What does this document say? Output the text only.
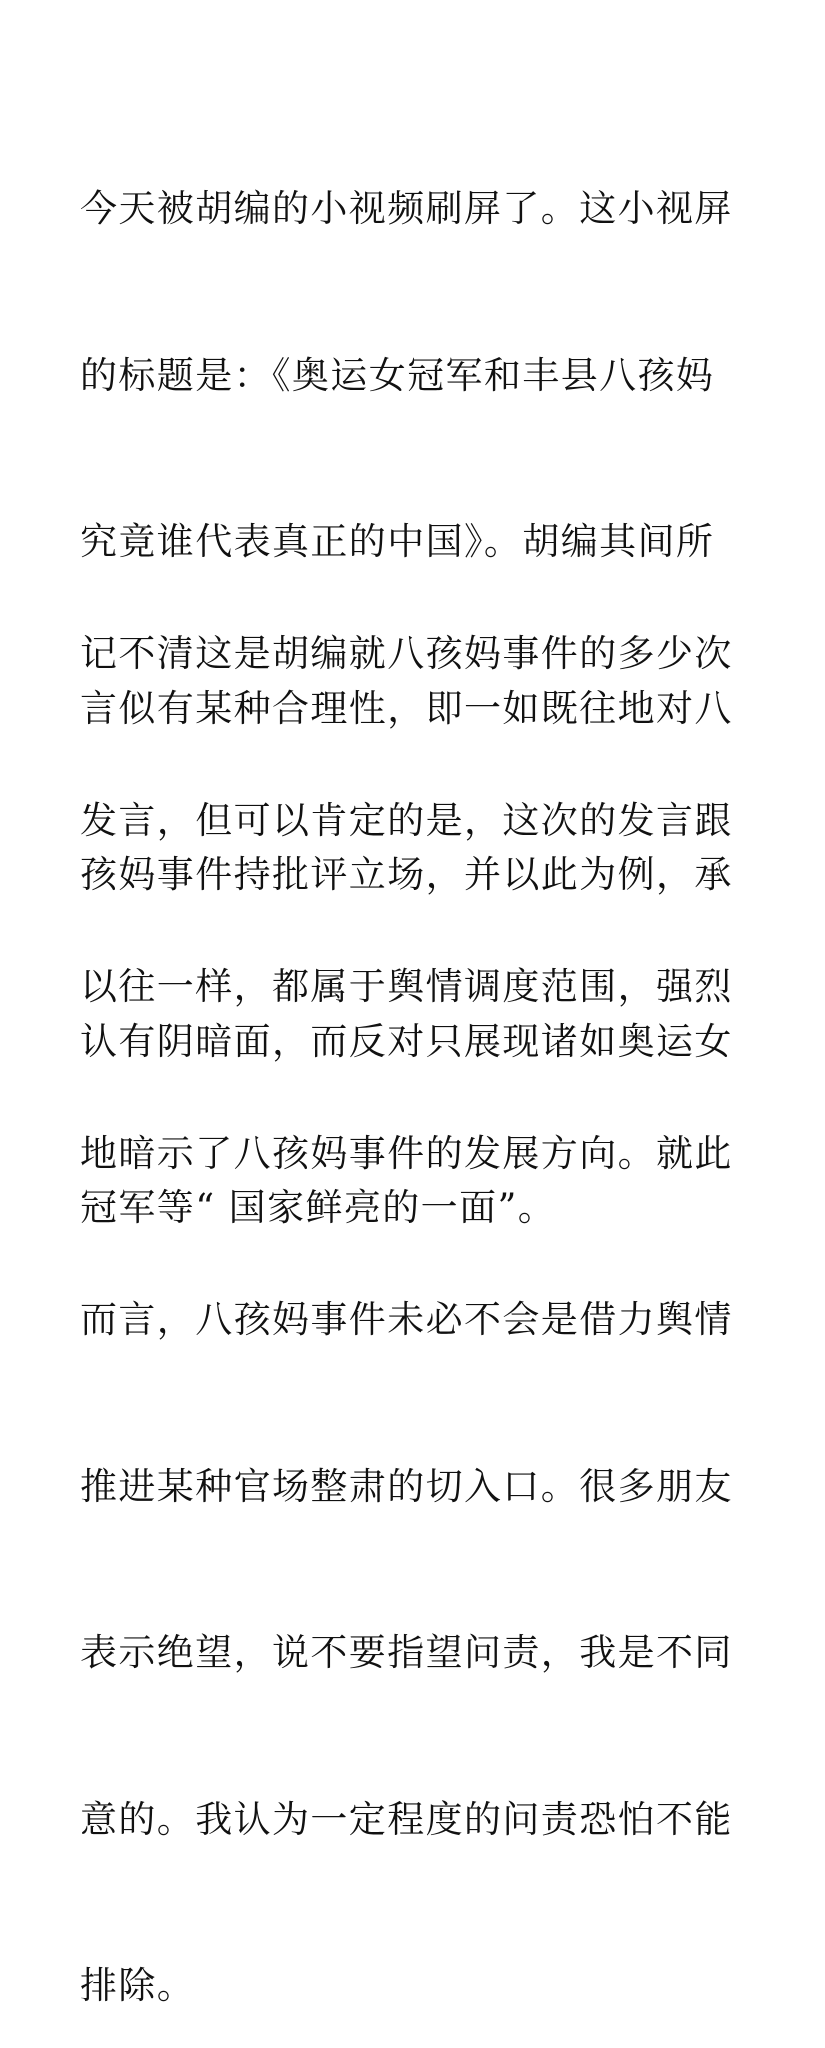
今天被胡编的小视频刷屏了。这小视屏

的标题是：《奥运女冠军和丰县八孩妈

究竟谁代表真正的中国》。胡编其间所

言似有某种合理性，即一如既往地对八

孩妈事件持批评立场，并以此为例，承

认有阴暗面，而反对只展现诸如奥运女

冠军等“ 国家鲜亮的一面”。

记不清这是胡编就八孩妈事件的多少次

发言，但可以肯定的是，这次的发言跟

以往一样，都属于舆情调度范围，强烈

地暗示了八孩妈事件的发展方向。就此

而言，八孩妈事件未必不会是借力舆情

推进某种官场整肃的切入口。很多朋友

表示绝望，说不要指望问责，我是不同

意的。我认为一定程度的问责恐怕不能

排除。
